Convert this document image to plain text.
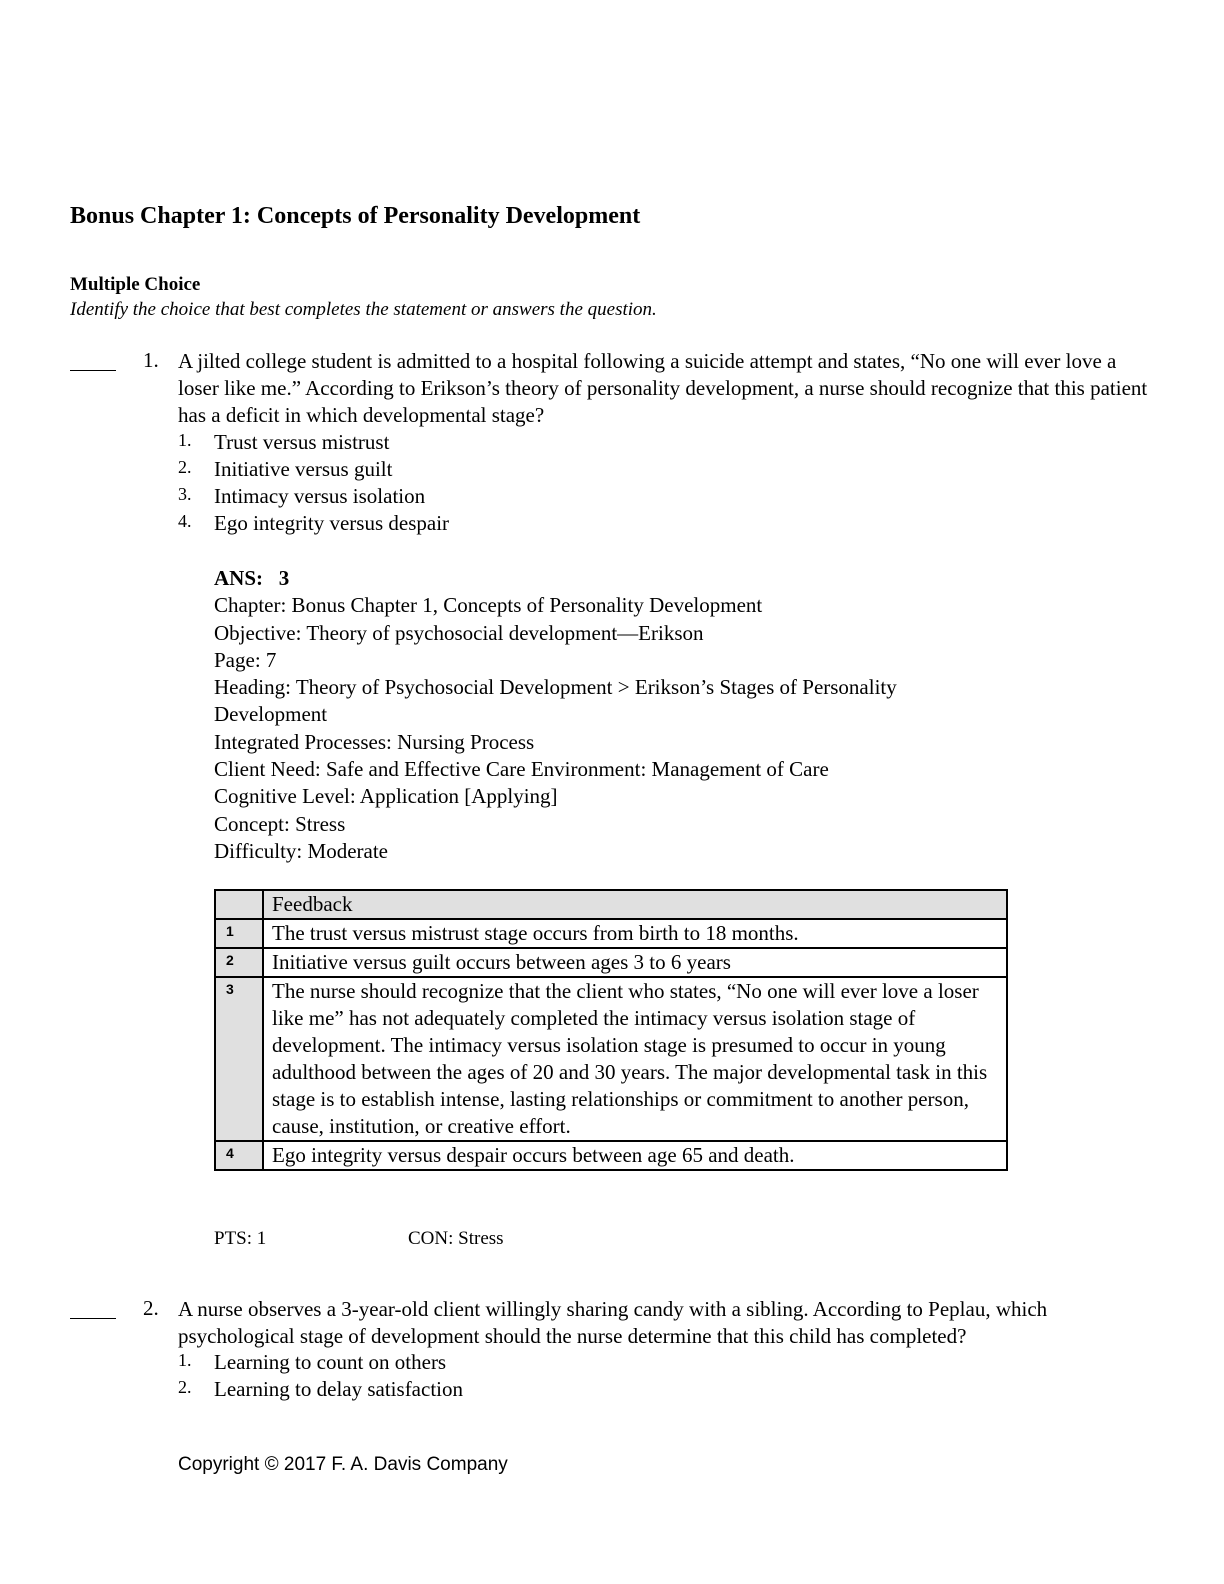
Bonus Chapter 1: Concepts of Personality Development
Multiple Choice
Identify the choice that best completes the statement or answers the question.
1. A jilted college student is admitted to a hospital following a suicide attempt and states, “No one will ever love a loser like me.” According to Erikson’s theory of personality development, a nurse should recognize that this patient has a deficit in which developmental stage?
1. Trust versus mistrust
2. Initiative versus guilt
3. Intimacy versus isolation
4. Ego integrity versus despair
ANS: 3
Chapter: Bonus Chapter 1, Concepts of Personality Development
Objective: Theory of psychosocial development—Erikson
Page: 7
Heading: Theory of Psychosocial Development > Erikson’s Stages of Personality Development
Integrated Processes: Nursing Process
Client Need: Safe and Effective Care Environment: Management of Care
Cognitive Level: Application [Applying]
Concept: Stress
Difficulty: Moderate
	Feedback
1	The trust versus mistrust stage occurs from birth to 18 months.
2	Initiative versus guilt occurs between ages 3 to 6 years
3	The nurse should recognize that the client who states, “No one will ever love a loser like me” has not adequately completed the intimacy versus isolation stage of development. The intimacy versus isolation stage is presumed to occur in young adulthood between the ages of 20 and 30 years. The major developmental task in this stage is to establish intense, lasting relationships or commitment to another person, cause, institution, or creative effort.
4	Ego integrity versus despair occurs between age 65 and death.
PTS: 1	CON: Stress
2. A nurse observes a 3-year-old client willingly sharing candy with a sibling. According to Peplau, which psychological stage of development should the nurse determine that this child has completed?
1. Learning to count on others
2. Learning to delay satisfaction
Copyright © 2017 F. A. Davis Company
